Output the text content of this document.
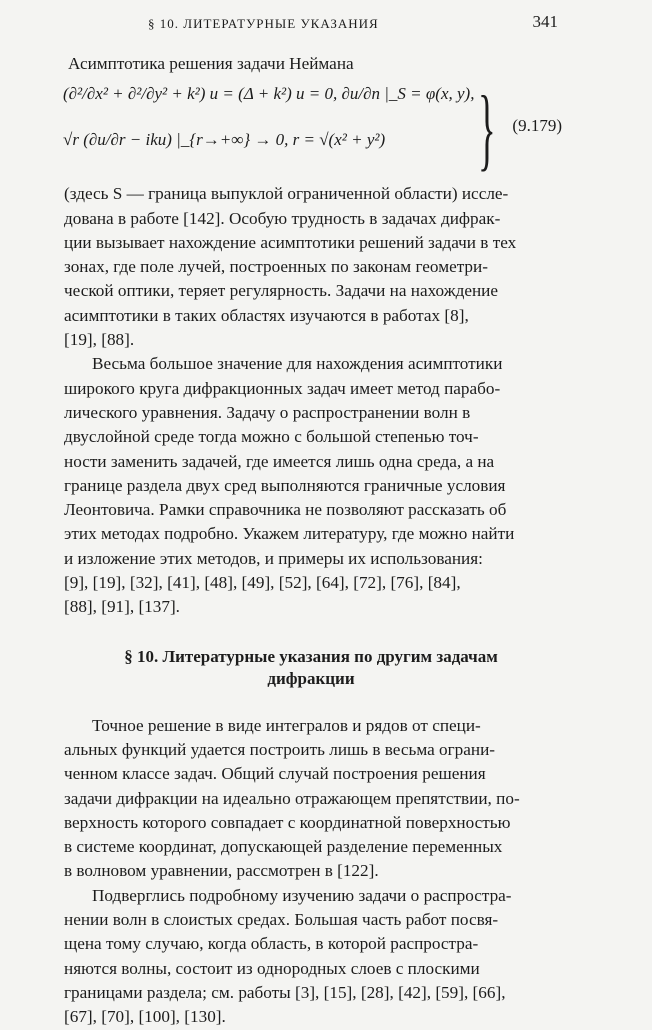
§ 10. ЛИТЕРАТУРНЫЕ УКАЗАНИЯ	341

Асимптотика решения задачи Неймана

(∂²/∂x² + ∂²/∂y² + k²) u = (Δ + k²) u = 0, ∂u/∂n |_S = φ(x, y),
√r (∂u/∂r − iku) |_{r→+∞} → 0, r = √(x² + y²) } (9.179)

(здесь S — граница выпуклой ограниченной области) иссле-

дована в работе [142]. Особую трудность в задачах дифрак-

ции вызывает нахождение асимптотики решений задачи в тех

зонах, где поле лучей, построенных по законам геометри-

ческой оптики, теряет регулярность. Задачи на нахождение

асимптотики в таких областях изучаются в работах [8],

[19], [88].

Весьма большое значение для нахождения асимптотики

широкого круга дифракционных задач имеет метод парабо-

лического уравнения. Задачу о распространении волн в

двуслойной среде тогда можно с большой степенью точ-

ности заменить задачей, где имеется лишь одна среда, а на

границе раздела двух сред выполняются граничные условия

Леонтовича. Рамки справочника не позволяют рассказать об

этих методах подробно. Укажем литературу, где можно найти

и изложение этих методов, и примеры их использования:

[9], [19], [32], [41], [48], [49], [52], [64], [72], [76], [84],

[88], [91], [137].

§ 10. Литературные указания по другим задачам
дифракции

Точное решение в виде интегралов и рядов от специ-

альных функций удается построить лишь в весьма ограни-

ченном классе задач. Общий случай построения решения

задачи дифракции на идеально отражающем препятствии, по-

верхность которого совпадает с координатной поверхностью

в системе координат, допускающей разделение переменных

в волновом уравнении, рассмотрен в [122].

Подверглись подробному изучению задачи о распростра-

нении волн в слоистых средах. Большая часть работ посвя-

щена тому случаю, когда область, в которой распростра-

няются волны, состоит из однородных слоев с плоскими

границами раздела; см. работы [3], [15], [28], [42], [59], [66],

[67], [70], [100], [130].
